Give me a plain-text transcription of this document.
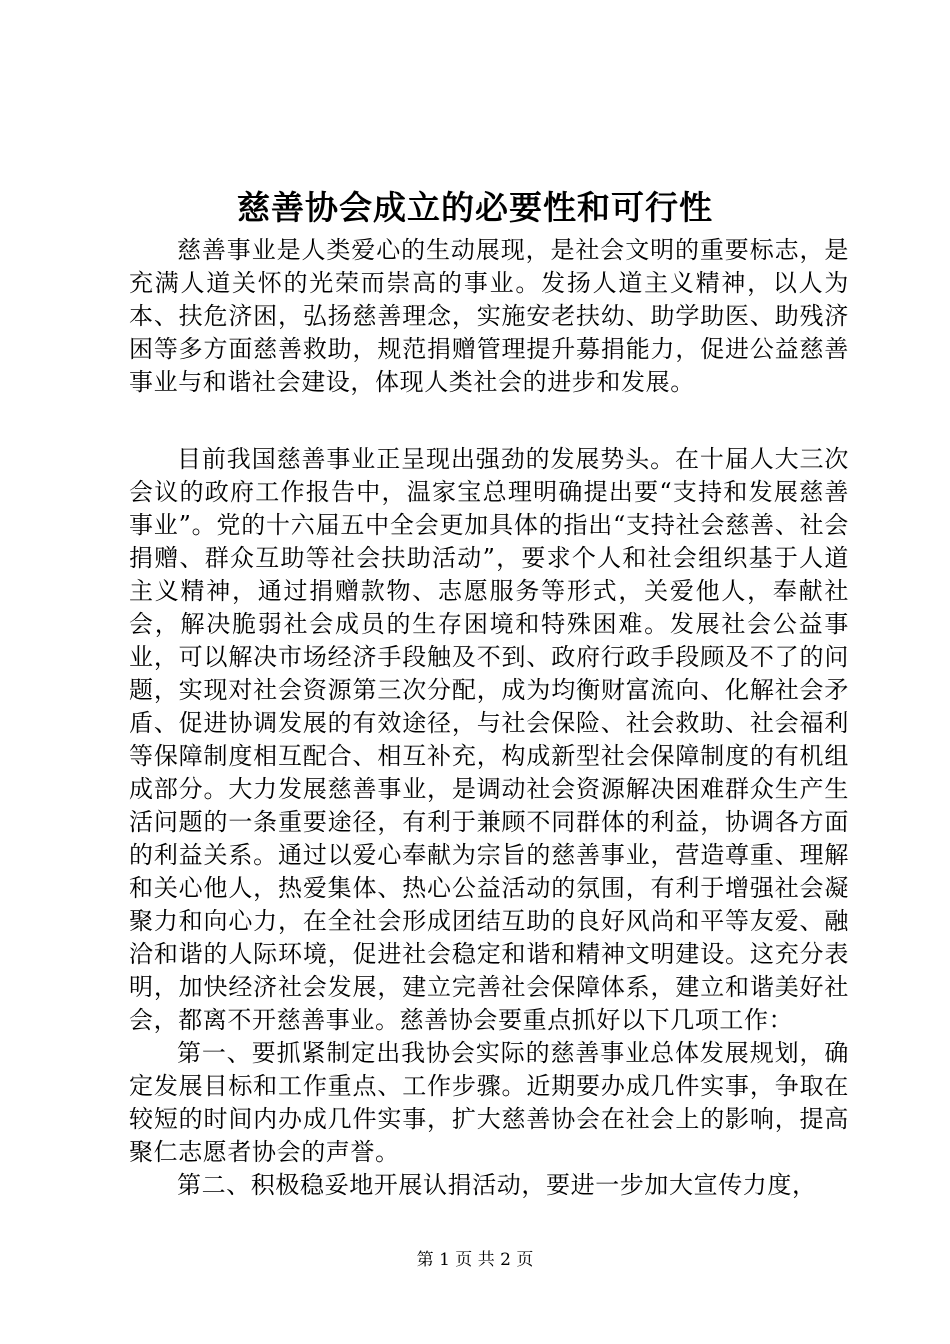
慈善协会成立的必要性和可行性

慈善事业是人类爱心的生动展现，是社会文明的重要标志，是充满人道关怀的光荣而崇高的事业。发扬人道主义精神，以人为本、扶危济困，弘扬慈善理念，实施安老扶幼、助学助医、助残济困等多方面慈善救助，规范捐赠管理提升募捐能力，促进公益慈善事业与和谐社会建设，体现人类社会的进步和发展。

目前我国慈善事业正呈现出强劲的发展势头。在十届人大三次会议的政府工作报告中，温家宝总理明确提出要“支持和发展慈善事业”。党的十六届五中全会更加具体的指出“支持社会慈善、社会捐赠、群众互助等社会扶助活动”，要求个人和社会组织基于人道主义精神，通过捐赠款物、志愿服务等形式，关爱他人，奉献社会，解决脆弱社会成员的生存困境和特殊困难。发展社会公益事业，可以解决市场经济手段触及不到、政府行政手段顾及不了的问题，实现对社会资源第三次分配，成为均衡财富流向、化解社会矛盾、促进协调发展的有效途径，与社会保险、社会救助、社会福利等保障制度相互配合、相互补充，构成新型社会保障制度的有机组成部分。大力发展慈善事业，是调动社会资源解决困难群众生产生活问题的一条重要途径，有利于兼顾不同群体的利益，协调各方面的利益关系。通过以爱心奉献为宗旨的慈善事业，营造尊重、理解和关心他人，热爱集体、热心公益活动的氛围，有利于增强社会凝聚力和向心力，在全社会形成团结互助的良好风尚和平等友爱、融洽和谐的人际环境，促进社会稳定和谐和精神文明建设。这充分表明，加快经济社会发展，建立完善社会保障体系，建立和谐美好社会，都离不开慈善事业。慈善协会要重点抓好以下几项工作：

第一、要抓紧制定出我协会实际的慈善事业总体发展规划，确定发展目标和工作重点、工作步骤。近期要办成几件实事，争取在较短的时间内办成几件实事，扩大慈善协会在社会上的影响，提高聚仁志愿者协会的声誉。

第二、积极稳妥地开展认捐活动，要进一步加大宣传力度，

第 1 页 共 2 页
